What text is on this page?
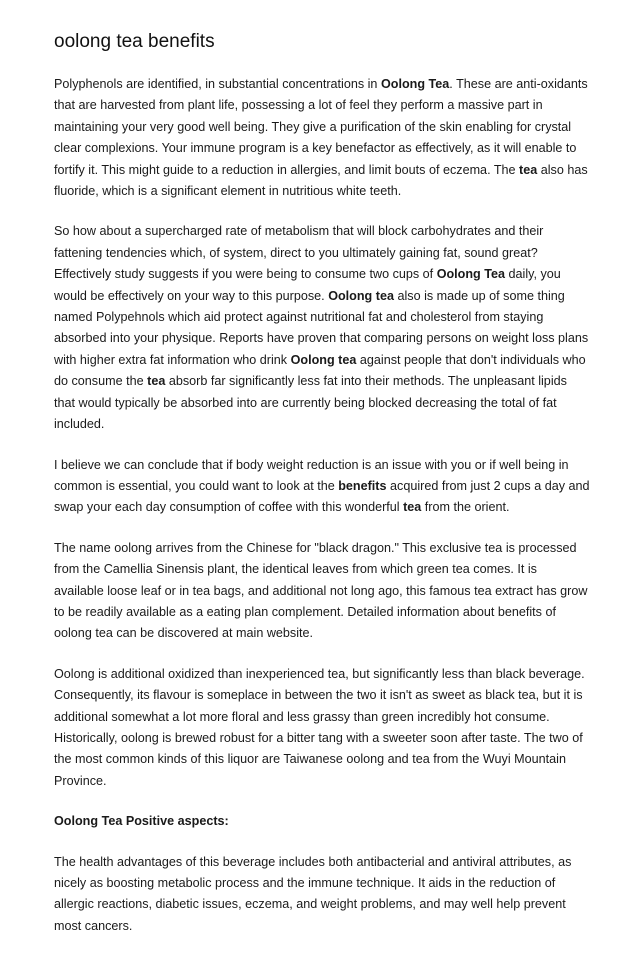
oolong tea benefits

Polyphenols are identified, in substantial concentrations in Oolong Tea. These are anti-oxidants that are harvested from plant life, possessing a lot of feel they perform a massive part in maintaining your very good well being. They give a purification of the skin enabling for crystal clear complexions. Your immune program is a key benefactor as effectively, as it will enable to fortify it. This might guide to a reduction in allergies, and limit bouts of eczema. The tea also has fluoride, which is a significant element in nutritious white teeth.

So how about a supercharged rate of metabolism that will block carbohydrates and their fattening tendencies which, of system, direct to you ultimately gaining fat, sound great? Effectively study suggests if you were being to consume two cups of Oolong Tea daily, you would be effectively on your way to this purpose. Oolong tea also is made up of some thing named Polypehnols which aid protect against nutritional fat and cholesterol from staying absorbed into your physique. Reports have proven that comparing persons on weight loss plans with higher extra fat information who drink Oolong tea against people that don't individuals who do consume the tea absorb far significantly less fat into their methods. The unpleasant lipids that would typically be absorbed into are currently being blocked decreasing the total of fat included.

I believe we can conclude that if body weight reduction is an issue with you or if well being in common is essential, you could want to look at the benefits acquired from just 2 cups a day and swap your each day consumption of coffee with this wonderful tea from the orient.

The name oolong arrives from the Chinese for "black dragon." This exclusive tea is processed from the Camellia Sinensis plant, the identical leaves from which green tea comes. It is available loose leaf or in tea bags, and additional not long ago, this famous tea extract has grow to be readily available as a eating plan complement. Detailed information about benefits of oolong tea can be discovered at main website.

Oolong is additional oxidized than inexperienced tea, but significantly less than black beverage. Consequently, its flavour is someplace in between the two it isn't as sweet as black tea, but it is additional somewhat a lot more floral and less grassy than green incredibly hot consume. Historically, oolong is brewed robust for a bitter tang with a sweeter soon after taste. The two of the most common kinds of this liquor are Taiwanese oolong and tea from the Wuyi Mountain Province.

Oolong Tea Positive aspects:

The health advantages of this beverage includes both antibacterial and antiviral attributes, as nicely as boosting metabolic process and the immune technique. It aids in the reduction of allergic reactions, diabetic issues, eczema, and weight problems, and may well help prevent most cancers.
